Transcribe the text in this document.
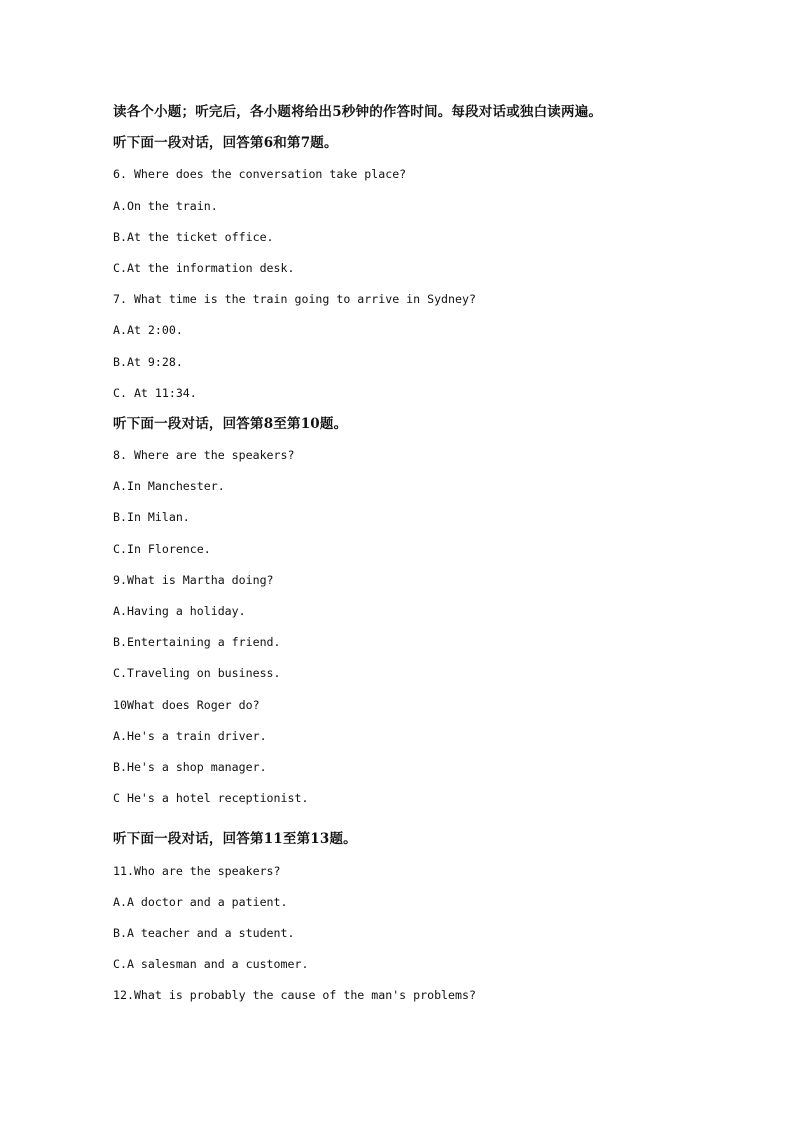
读各个小题；听完后，各小题将给出5秒钟的作答时间。每段对话或独白读两遍。
听下面一段对话，回答第6和第7题。
6. Where does the conversation take place?
A.On the train.
B.At the ticket office.
C.At the information desk.
7. What time is the train going to arrive in Sydney?
A.At 2:00.
B.At 9:28.
C. At 11:34.
听下面一段对话，回答第8至第10题。
8. Where are the speakers?
A.In Manchester.
B.In Milan.
C.In Florence.
9.What is Martha doing?
A.Having a holiday.
B.Entertaining a friend.
C.Traveling on business.
10What does Roger do?
A.He's a train driver.
B.He's a shop manager.
C He's a hotel receptionist.
听下面一段对话，回答第11至第13题。
11.Who are the speakers?
A.A doctor and a patient.
B.A teacher and a student.
C.A salesman and a customer.
12.What is probably the cause of the man's problems?
